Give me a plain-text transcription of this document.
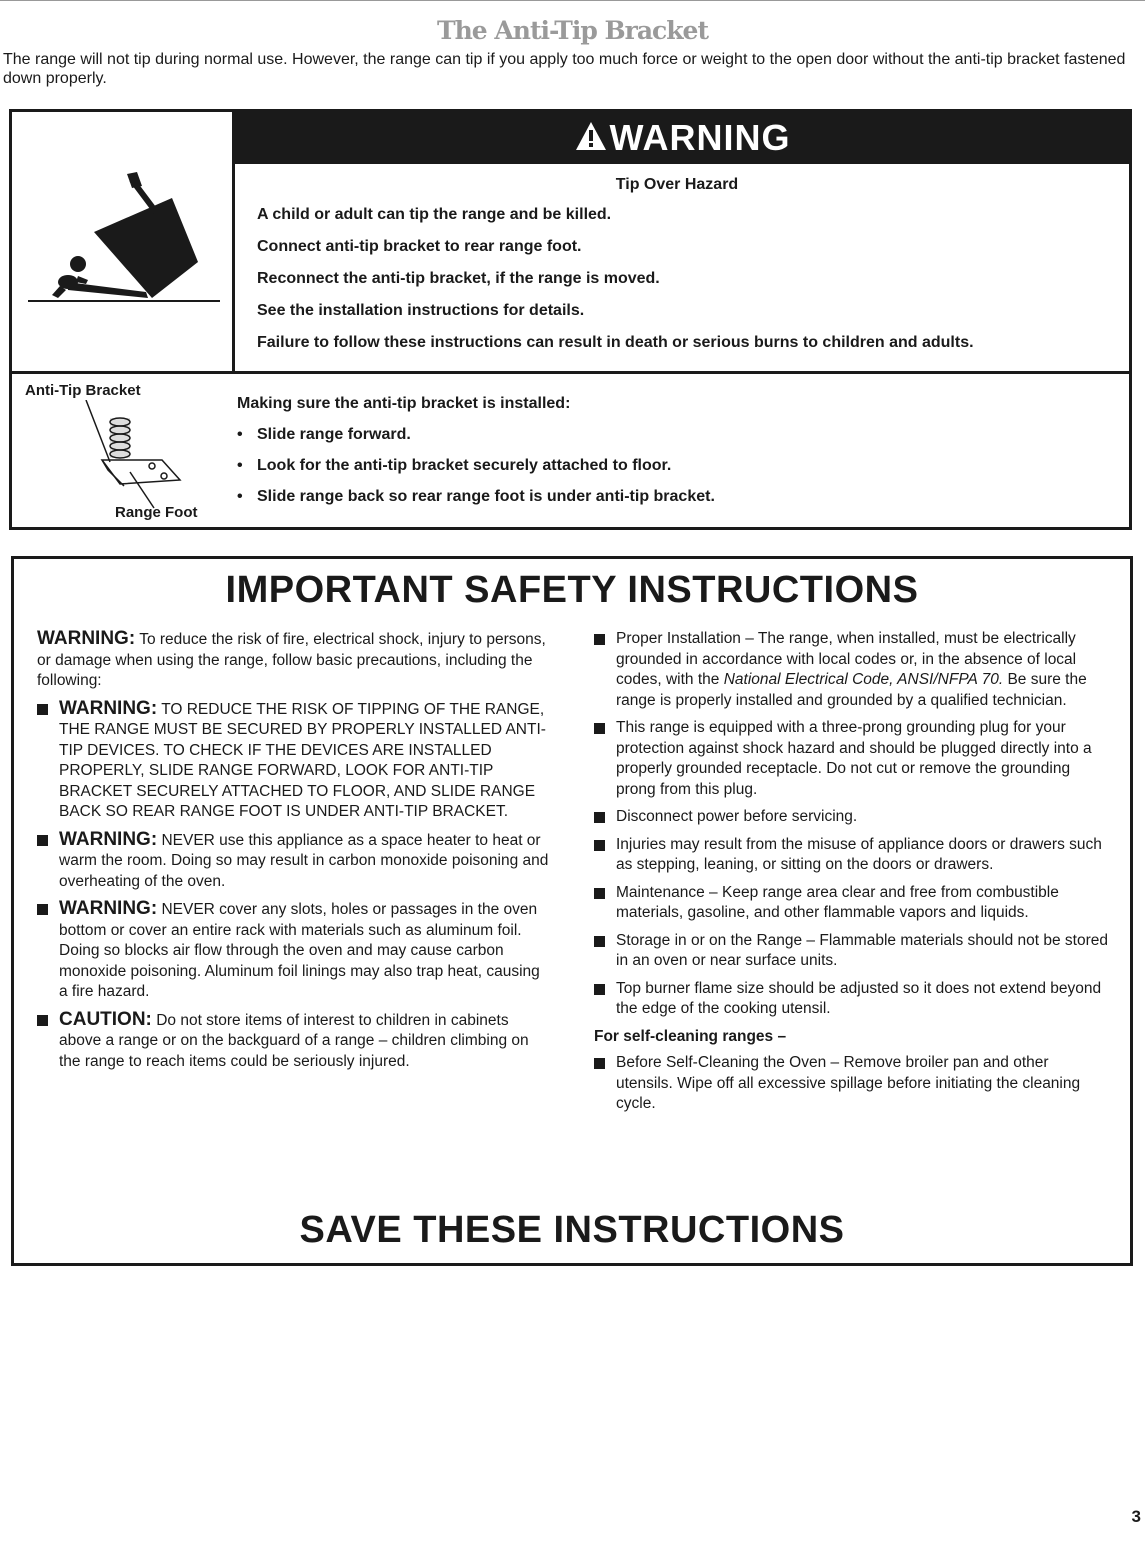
The Anti-Tip Bracket
The range will not tip during normal use. However, the range can tip if you apply too much force or weight to the open door without the anti-tip bracket fastened down properly.
WARNING
Tip Over Hazard

A child or adult can tip the range and be killed.

Connect anti-tip bracket to rear range foot.

Reconnect the anti-tip bracket, if the range is moved.

See the installation instructions for details.

Failure to follow these instructions can result in death or serious burns to children and adults.

Anti-Tip Bracket
Range Foot

Making sure the anti-tip bracket is installed:

• Slide range forward.
• Look for the anti-tip bracket securely attached to floor.
• Slide range back so rear range foot is under anti-tip bracket.
IMPORTANT SAFETY INSTRUCTIONS

WARNING: To reduce the risk of fire, electrical shock, injury to persons, or damage when using the range, follow basic precautions, including the following:

WARNING: TO REDUCE THE RISK OF TIPPING OF THE RANGE, THE RANGE MUST BE SECURED BY PROPERLY INSTALLED ANTI-TIP DEVICES. TO CHECK IF THE DEVICES ARE INSTALLED PROPERLY, SLIDE RANGE FORWARD, LOOK FOR ANTI-TIP BRACKET SECURELY ATTACHED TO FLOOR, AND SLIDE RANGE BACK SO REAR RANGE FOOT IS UNDER ANTI-TIP BRACKET.
WARNING: NEVER use this appliance as a space heater to heat or warm the room. Doing so may result in carbon monoxide poisoning and overheating of the oven.
WARNING: NEVER cover any slots, holes or passages in the oven bottom or cover an entire rack with materials such as aluminum foil. Doing so blocks air flow through the oven and may cause carbon monoxide poisoning. Aluminum foil linings may also trap heat, causing a fire hazard.
CAUTION: Do not store items of interest to children in cabinets above a range or on the backguard of a range – children climbing on the range to reach items could be seriously injured.
Proper Installation – The range, when installed, must be electrically grounded in accordance with local codes or, in the absence of local codes, with the National Electrical Code, ANSI/NFPA 70. Be sure the range is properly installed and grounded by a qualified technician.
This range is equipped with a three-prong grounding plug for your protection against shock hazard and should be plugged directly into a properly grounded receptacle. Do not cut or remove the grounding prong from this plug.
Disconnect power before servicing.
Injuries may result from the misuse of appliance doors or drawers such as stepping, leaning, or sitting on the doors or drawers.
Maintenance – Keep range area clear and free from combustible materials, gasoline, and other flammable vapors and liquids.
Storage in or on the Range – Flammable materials should not be stored in an oven or near surface units.
Top burner flame size should be adjusted so it does not extend beyond the edge of the cooking utensil.
For self-cleaning ranges –
Before Self-Cleaning the Oven – Remove broiler pan and other utensils. Wipe off all excessive spillage before initiating the cleaning cycle.
SAVE THESE INSTRUCTIONS
3
